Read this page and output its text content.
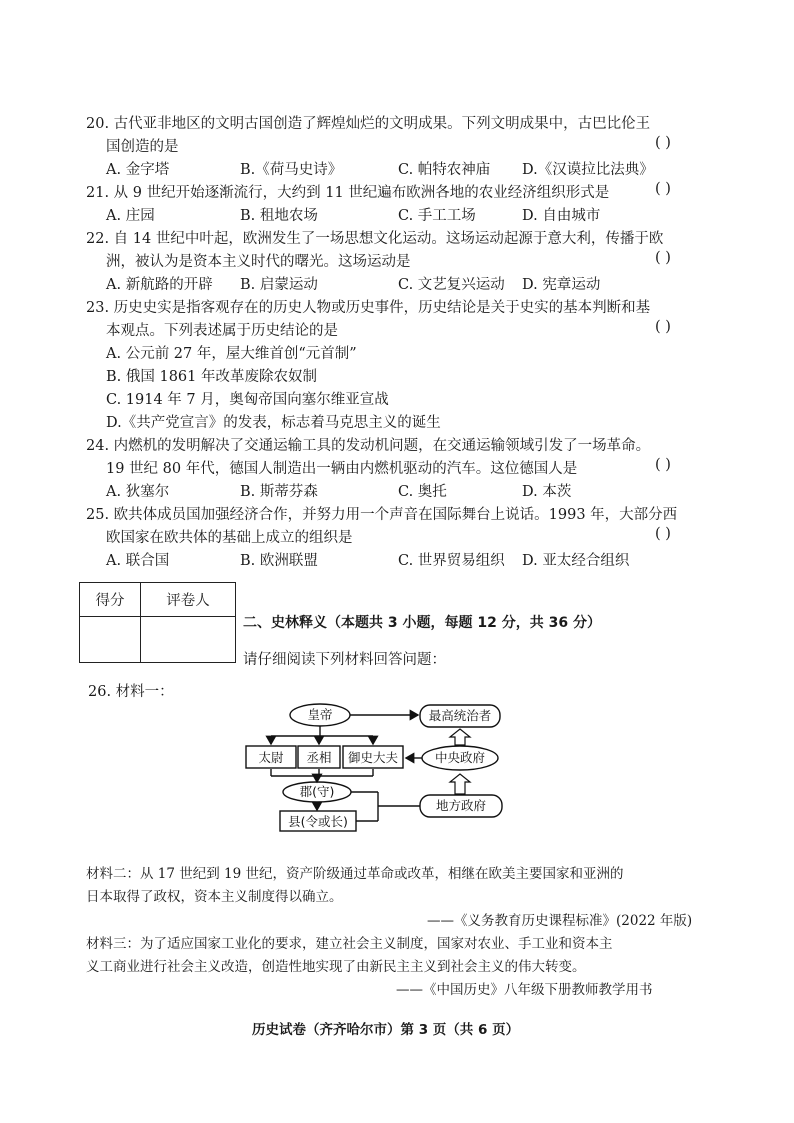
20. 古代亚非地区的文明古国创造了辉煌灿烂的文明成果。下列文明成果中，古巴比伦王
国创造的是	( )
A. 金字塔	B.《荷马史诗》	C. 帕特农神庙 D.《汉谟拉比法典》
21. 从 9 世纪开始逐渐流行，大约到 11 世纪遍布欧洲各地的农业经济组织形式是	( )
A. 庄园	B. 租地农场	C. 手工工场	D. 自由城市
22. 自 14 世纪中叶起，欧洲发生了一场思想文化运动。这场运动起源于意大利，传播于欧
洲，被认为是资本主义时代的曙光。这场运动是	( )
A. 新航路的开辟 B. 启蒙运动	C. 文艺复兴运动 D. 宪章运动
23. 历史史实是指客观存在的历史人物或历史事件，历史结论是关于史实的基本判断和基
本观点。下列表述属于历史结论的是	( )
A. 公元前 27 年，屋大维首创“元首制”
B. 俄国 1861 年改革废除农奴制
C. 1914 年 7 月，奥匈帝国向塞尔维亚宣战
D.《共产党宣言》的发表，标志着马克思主义的诞生
24. 内燃机的发明解决了交通运输工具的发动机问题，在交通运输领域引发了一场革命。
19 世纪 80 年代，德国人制造出一辆由内燃机驱动的汽车。这位德国人是	( )
A. 狄塞尔	B. 斯蒂芬森	C. 奥托	D. 本茨
25. 欧共体成员国加强经济合作，并努力用一个声音在国际舞台上说话。1993 年，大部分西
欧国家在欧共体的基础上成立的组织是	( )
A. 联合国	B. 欧洲联盟	C. 世界贸易组织 D. 亚太经合组织
得分	评卷人

二、史林释义（本题共 3 小题，每题 12 分，共 36 分）
请仔细阅读下列材料回答问题：
26. 材料一：
皇帝	最高统治者
太尉 丞相 御史大夫	中央政府
郡(守)
县(令或长)
地方政府
材料二：从 17 世纪到 19 世纪，资产阶级通过革命或改革，相继在欧美主要国家和亚洲的
日本取得了政权，资本主义制度得以确立。
——《义务教育历史课程标准》(2022 年版)
材料三：为了适应国家工业化的要求，建立社会主义制度，国家对农业、手工业和资本主
义工商业进行社会主义改造，创造性地实现了由新民主主义到社会主义的伟大转变。
——《中国历史》八年级下册教师教学用书
历史试卷（齐齐哈尔市）第 3 页（共 6 页）
